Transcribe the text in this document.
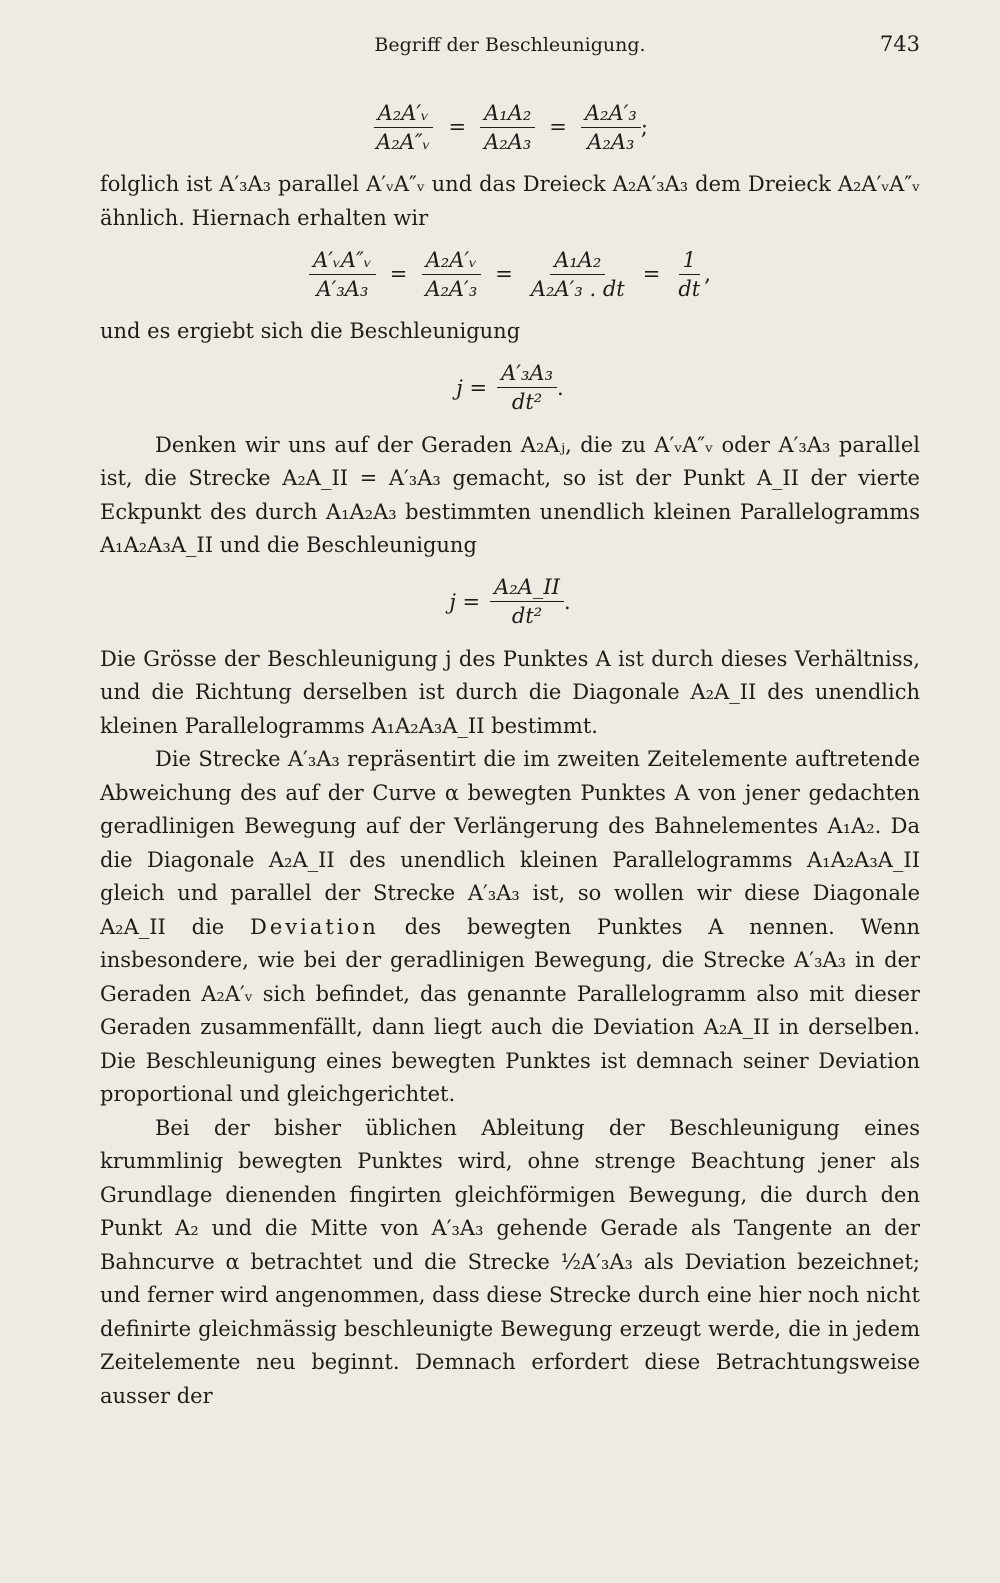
Begriff der Beschleunigung.	743
$\frac{\text{A₂A′ᵥ}}{\text{A₂A″ᵥ}} = \frac{\text{A₁A₂}}{\text{A₂A₃}} = \frac{\text{A₂A′₃}}{\text{A₂A₃}}$ ;

folglich ist A′₃A₃ parallel A′ᵥA″ᵥ und das Dreieck A₂A′₃A₃ dem Dreieck A₂A′ᵥA″ᵥ ähnlich. Hiernach erhalten wir

$\frac{\text{A′ᵥA″ᵥ}}{\text{A′₃A₃}} = \frac{\text{A₂A′ᵥ}}{\text{A₂A′₃}} = \frac{\text{A₁A₂}}{\text{A₂A′₃ . dt}} = \frac{1}{dt}$ ,

und es ergiebt sich die Beschleunigung

$j = \frac{\text{A′₃A₃}}{\text{dt²}}$ .

Denken wir uns auf der Geraden A₂Aⱼ, die zu A′ᵥA″ᵥ oder A′₃A₃ parallel ist, die Strecke A₂A_II = A′₃A₃ gemacht, so ist der Punkt A_II der vierte Eckpunkt des durch A₁A₂A₃ bestimmten unendlich kleinen Parallelogramms A₁A₂A₃A_II und die Beschleunigung

$j = \frac{\text{A₂A\_II}}{\text{dt²}}$ .

Die Grösse der Beschleunigung j des Punktes A ist durch dieses Verhältniss, und die Richtung derselben ist durch die Diagonale A₂A_II des unendlich kleinen Parallelogramms A₁A₂A₃A_II bestimmt.

Die Strecke A′₃A₃ repräsentirt die im zweiten Zeitelemente auftretende Abweichung des auf der Curve α bewegten Punktes A von jener gedachten geradlinigen Bewegung auf der Verlängerung des Bahnelementes A₁A₂. Da die Diagonale A₂A_II des unendlich kleinen Parallelogramms A₁A₂A₃A_II gleich und parallel der Strecke A′₃A₃ ist, so wollen wir diese Diagonale A₂A_II die Deviation des bewegten Punktes A nennen. Wenn insbesondere, wie bei der geradlinigen Bewegung, die Strecke A′₃A₃ in der Geraden A₂A′ᵥ sich befindet, das genannte Parallelogramm also mit dieser Geraden zusammenfällt, dann liegt auch die Deviation A₂A_II in derselben. Die Beschleunigung eines bewegten Punktes ist demnach seiner Deviation proportional und gleichgerichtet.

Bei der bisher üblichen Ableitung der Beschleunigung eines krummlinig bewegten Punktes wird, ohne strenge Beachtung jener als Grundlage dienenden fingirten gleichförmigen Bewegung, die durch den Punkt A₂ und die Mitte von A′₃A₃ gehende Gerade als Tangente an der Bahncurve α betrachtet und die Strecke ½A′₃A₃ als Deviation bezeichnet; und ferner wird angenommen, dass diese Strecke durch eine hier noch nicht definirte gleichmässig beschleunigte Bewegung erzeugt werde, die in jedem Zeitelemente neu beginnt. Demnach erfordert diese Betrachtungsweise ausser der
